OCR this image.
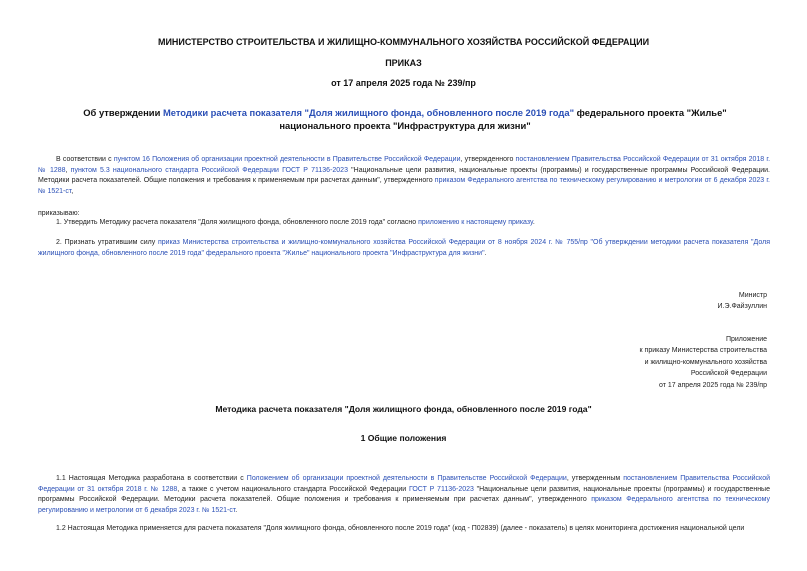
МИНИСТЕРСТВО СТРОИТЕЛЬСТВА И ЖИЛИЩНО-КОММУНАЛЬНОГО ХОЗЯЙСТВА РОССИЙСКОЙ ФЕДЕРАЦИИ
ПРИКАЗ
от 17 апреля 2025 года № 239/пр
Об утверждении Методики расчета показателя "Доля жилищного фонда, обновленного после 2019 года" федерального проекта "Жилье" национального проекта "Инфраструктура для жизни"
В соответствии с пунктом 16 Положения об организации проектной деятельности в Правительстве Российской Федерации, утвержденного постановлением Правительства Российской Федерации от 31 октября 2018 г. № 1288, пунктом 5.3 национального стандарта Российской Федерации ГОСТ Р 71136-2023 "Национальные цели развития, национальные проекты (программы) и государственные программы Российской Федерации. Методики расчета показателей. Общие положения и требования к применяемым при расчетах данным", утвержденного приказом Федерального агентства по техническому регулированию и метрологии от 6 декабря 2023 г. № 1521-ст,
приказываю:
1. Утвердить Методику расчета показателя "Доля жилищного фонда, обновленного после 2019 года" согласно приложению к настоящему приказу.
2. Признать утратившим силу приказ Министерства строительства и жилищно-коммунального хозяйства Российской Федерации от 8 ноября 2024 г. № 755/пр "Об утверждении методики расчета показателя "Доля жилищного фонда, обновленного после 2019 года" федерального проекта "Жилье" национального проекта "Инфраструктура для жизни".
Министр
И.Э.Файзуллин
Приложение
к приказу Министерства строительства
и жилищно-коммунального хозяйства
Российской Федерации
от 17 апреля 2025 года № 239/пр
Методика расчета показателя "Доля жилищного фонда, обновленного после 2019 года"
1 Общие положения
1.1 Настоящая Методика разработана в соответствии с Положением об организации проектной деятельности в Правительстве Российской Федерации, утвержденным постановлением Правительства Российской Федерации от 31 октября 2018 г. № 1288, а также с учетом национального стандарта Российской Федерации ГОСТ Р 71136-2023 "Национальные цели развития, национальные проекты (программы) и государственные программы Российской Федерации. Методики расчета показателей. Общие положения и требования к применяемым при расчетах данным", утвержденного приказом Федерального агентства по техническому регулированию и метрологии от 6 декабря 2023 г. № 1521-ст.
1.2 Настоящая Методика применяется для расчета показателя "Доля жилищного фонда, обновленного после 2019 года" (код - П02839) (далее - показатель) в целях мониторинга достижения национальной цели
